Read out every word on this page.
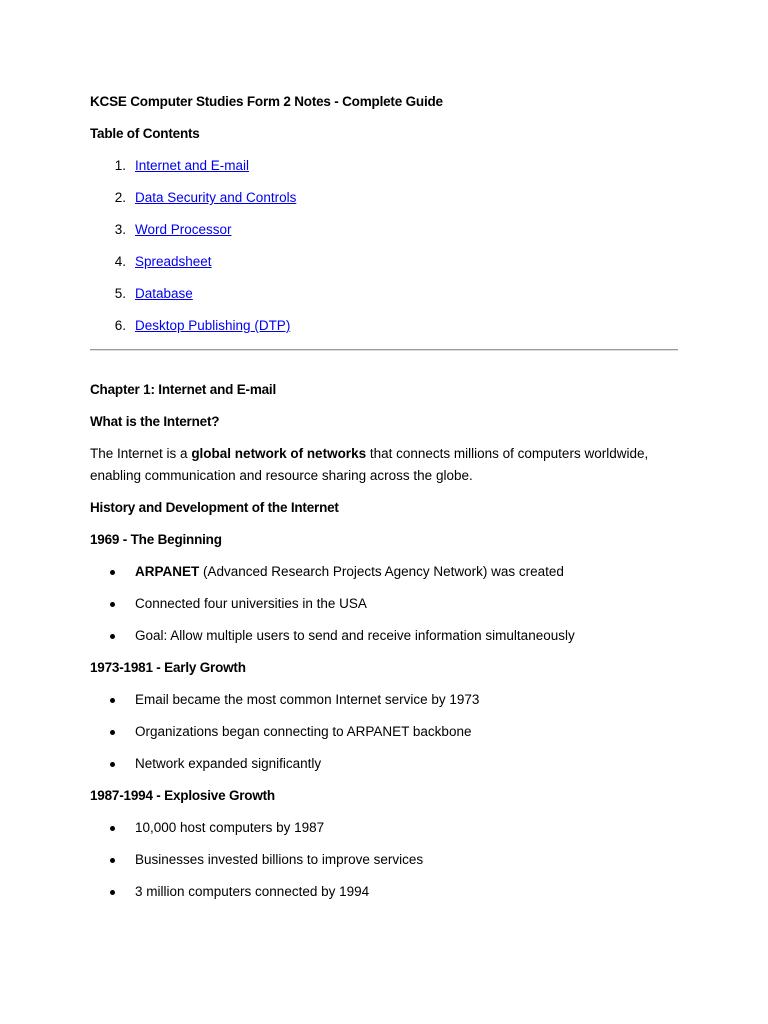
KCSE Computer Studies Form 2 Notes - Complete Guide
Table of Contents
1. Internet and E-mail
2. Data Security and Controls
3. Word Processor
4. Spreadsheet
5. Database
6. Desktop Publishing (DTP)
Chapter 1: Internet and E-mail
What is the Internet?
The Internet is a global network of networks that connects millions of computers worldwide, enabling communication and resource sharing across the globe.
History and Development of the Internet
1969 - The Beginning
ARPANET (Advanced Research Projects Agency Network) was created
Connected four universities in the USA
Goal: Allow multiple users to send and receive information simultaneously
1973-1981 - Early Growth
Email became the most common Internet service by 1973
Organizations began connecting to ARPANET backbone
Network expanded significantly
1987-1994 - Explosive Growth
10,000 host computers by 1987
Businesses invested billions to improve services
3 million computers connected by 1994
